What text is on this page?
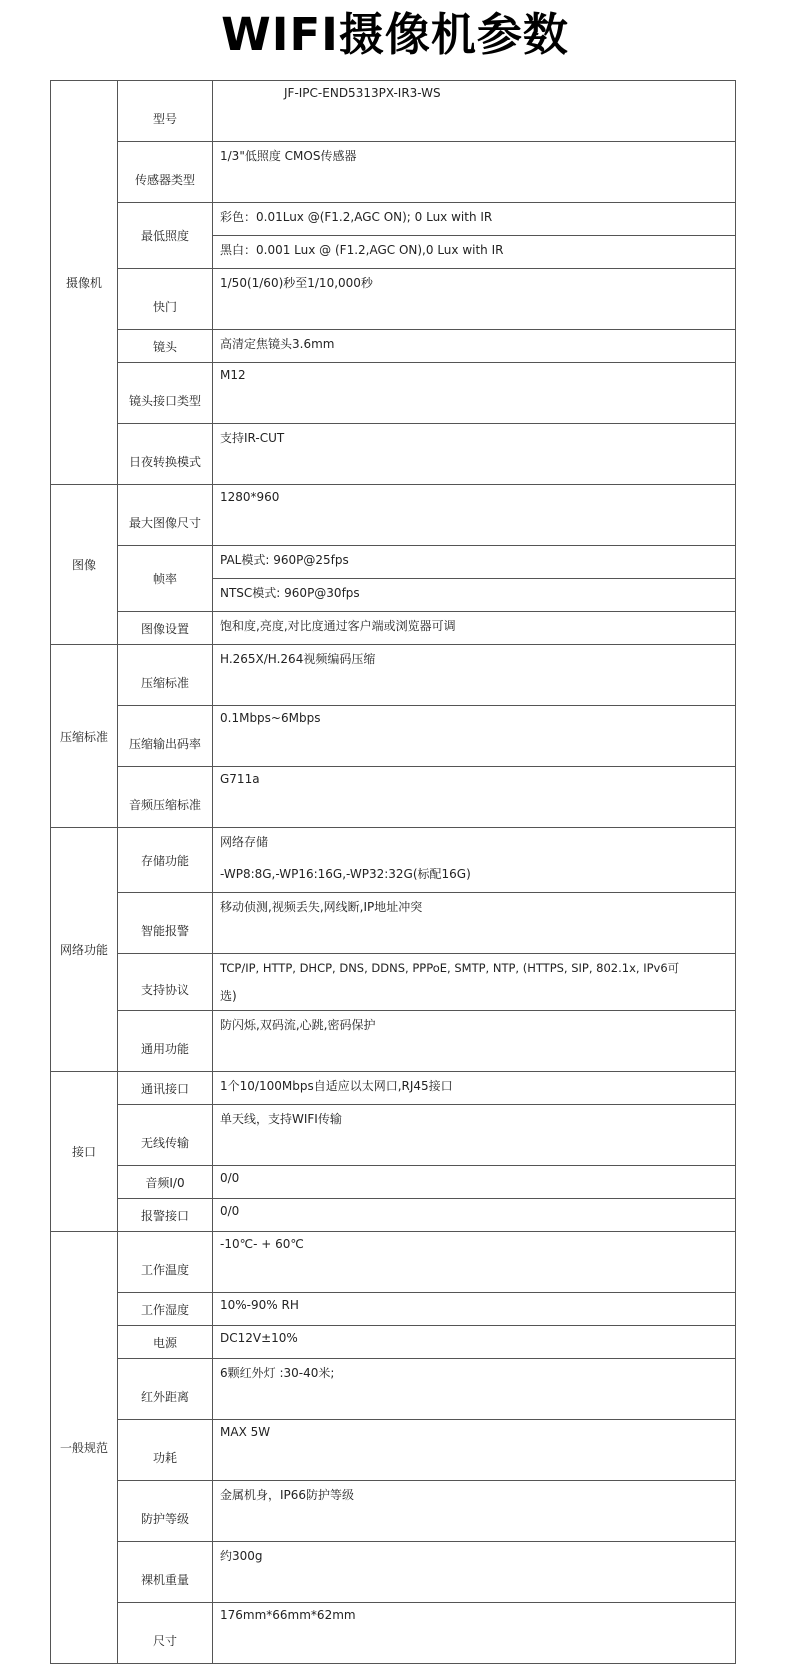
WIFI摄像机参数
摄像机	型号	JF-IPC-END5313PX-IR3-WS
	传感器类型	1/3"低照度 CMOS传感器
	最低照度	彩色：0.01Lux @(F1.2,AGC ON); 0 Lux with IR
		黑白：0.001 Lux @ (F1.2,AGC ON),0 Lux with IR
	快门	1/50(1/60)秒至1/10,000秒
	镜头	高清定焦镜头3.6mm
	镜头接口类型	M12
	日夜转换模式	支持IR-CUT
图像	最大图像尺寸	1280*960
	帧率	PAL模式: 960P@25fps
		NTSC模式: 960P@30fps
	图像设置	饱和度,亮度,对比度通过客户端或浏览器可调
压缩标准	压缩标准	H.265X/H.264视频编码压缩
	压缩输出码率	0.1Mbps~6Mbps
	音频压缩标准	G711a
网络功能	存储功能	网络存储
		-WP8:8G,-WP16:16G,-WP32:32G(标配16G)
	智能报警	移动侦测,视频丢失,网线断,IP地址冲突
	支持协议	TCP/IP, HTTP, DHCP, DNS, DDNS, PPPoE, SMTP, NTP, (HTTPS, SIP, 802.1x, IPv6可
选)

	通用功能	防闪烁,双码流,心跳,密码保护
接口	通讯接口	1个10/100Mbps自适应以太网口,RJ45接口
	无线传输	单天线，支持WIFI传输
	音频I/0	0/0
	报警接口	0/0
一般规范	工作温度	-10℃- + 60℃
	工作湿度	10%-90% RH
	电源	DC12V±10%
	红外距离	6颗红外灯 :30-40米;
	功耗	MAX 5W
	防护等级	金属机身，IP66防护等级
	裸机重量	约300g
	尺寸	176mm*66mm*62mm
